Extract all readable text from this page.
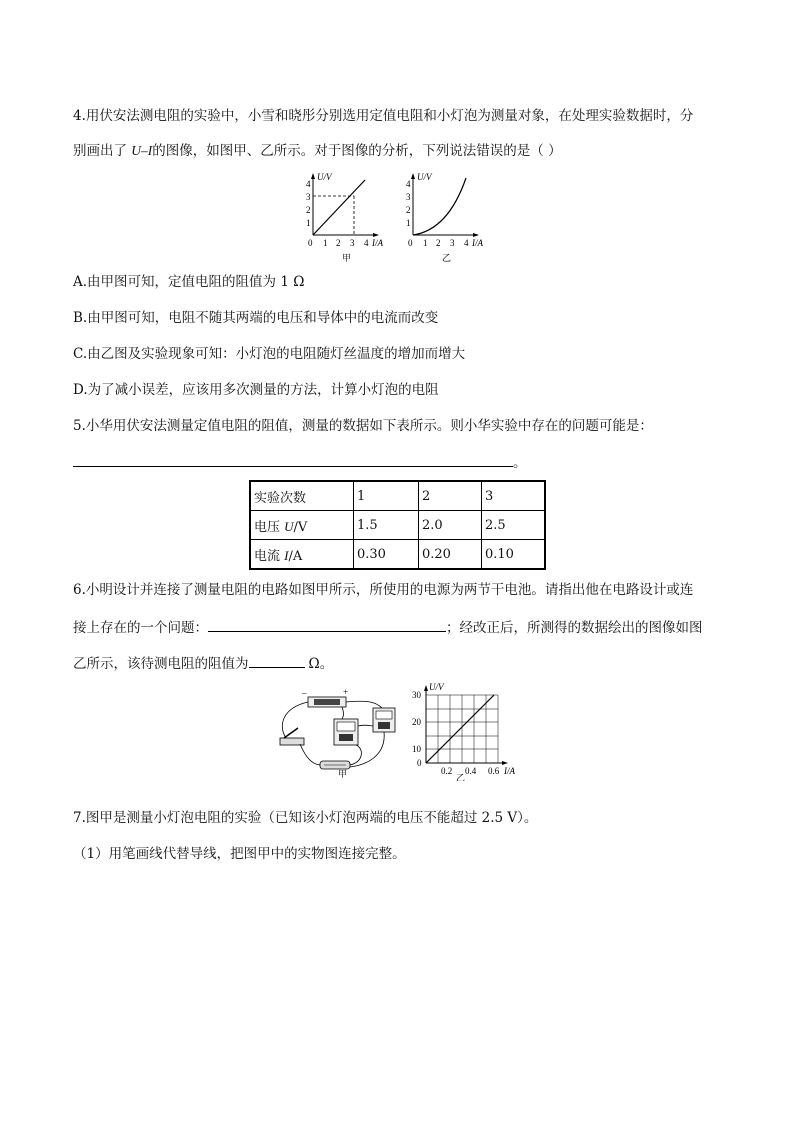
4.用伏安法测电阻的实验中，小雪和晓彤分别选用定值电阻和小灯泡为测量对象，在处理实验数据时，分
别画出了 U–I的图像，如图甲、乙所示。对于图像的分析，下列说法错误的是（ ）
U/V
4
3
2
1
0 1 2 3 4 I/A
甲
U/V
4
3
2
1
0 1 2 3 4 I/A
乙
A.由甲图可知，定值电阻的阻值为 1 Ω
B.由甲图可知，电阻不随其两端的电压和导体中的电流而改变
C.由乙图及实验现象可知：小灯泡的电阻随灯丝温度的增加而增大
D.为了减小误差，应该用多次测量的方法，计算小灯泡的电阻
5.小华用伏安法测量定值电阻的阻值，测量的数据如下表所示。则小华实验中存在的问题可能是：
。
实验次数	1	2	3
电压 U/V	1.5	2.0	2.5
电流 I/A	0.30	0.20	0.10
6.小明设计并连接了测量电阻的电路如图甲所示，所使用的电源为两节干电池。请指出他在电路设计或连
接上存在的一个问题：	；经改正后，所测得的数据绘出的图像如图
乙所示，该待测电阻的阻值为	Ω。
–	+
甲
U/V
30
20
10
0
0.2 0.4 0.6 I/A
乙
7.图甲是测量小灯泡电阻的实验（已知该小灯泡两端的电压不能超过 2.5 V）。
（1）用笔画线代替导线，把图甲中的实物图连接完整。
